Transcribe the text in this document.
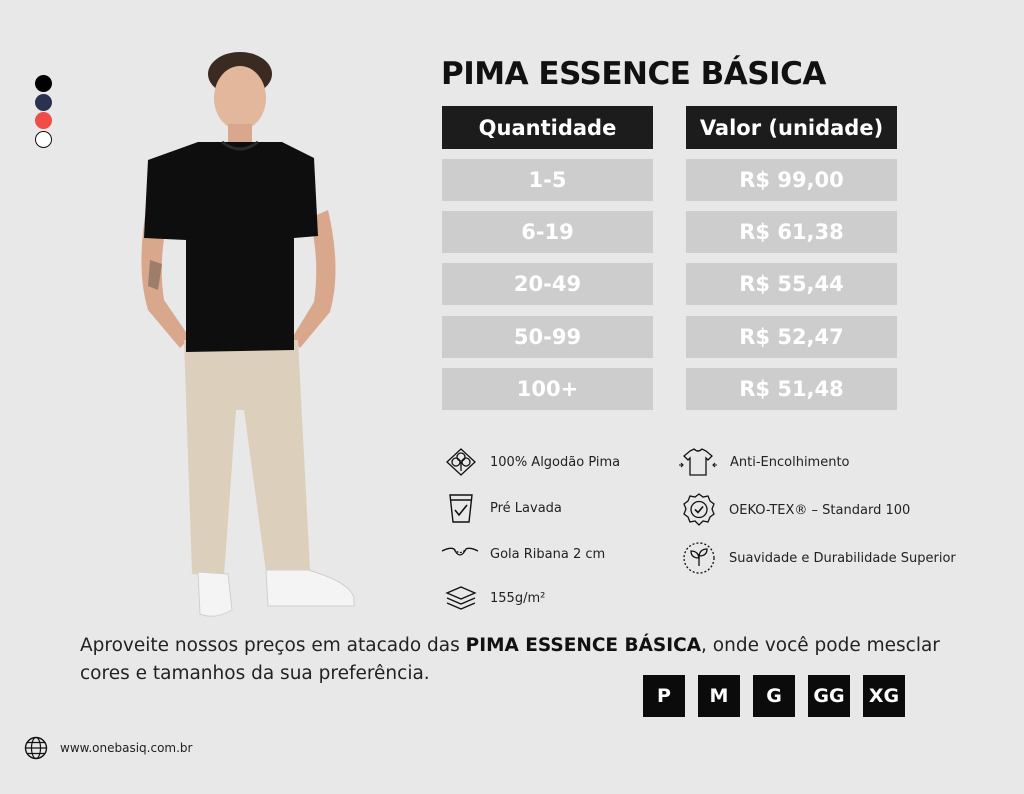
PIMA ESSENCE BÁSICA
Quantidade	Valor (unidade)
1-5	R$ 99,00
6-19	R$ 61,38
20-49	R$ 55,44
50-99	R$ 52,47
100+	R$ 51,48
100% Algodão Pima
Pré Lavada
Gola Ribana 2 cm
155g/m²
Anti-Encolhimento
OEKO-TEX® – Standard 100
Suavidade e Durabilidade Superior
Aproveite nossos preços em atacado das PIMA ESSENCE BÁSICA, onde você pode mesclar cores e tamanhos da sua preferência.
P	M	G	GG	XG
www.onebasiq.com.br
